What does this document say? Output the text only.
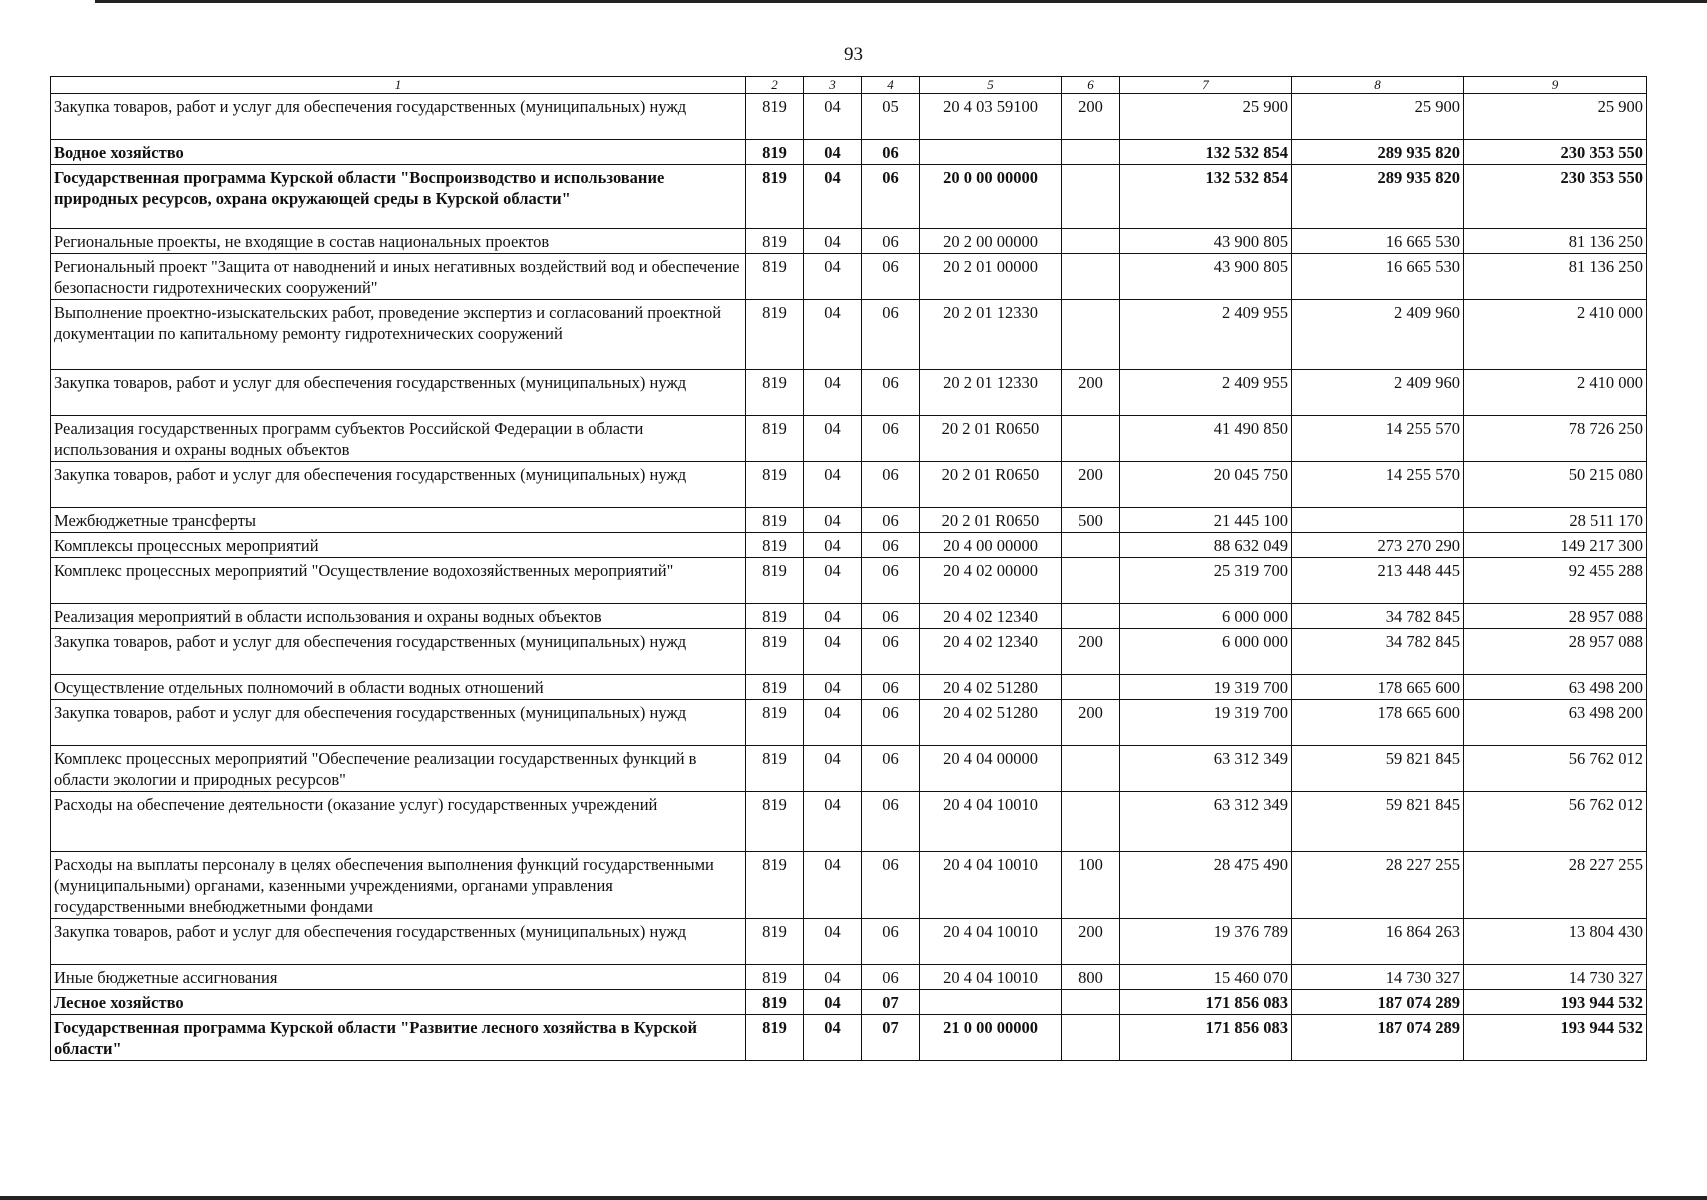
93
1	2	3	4	5	6	7	8	9
Закупка товаров, работ и услуг для обеспечения государственных (муниципальных) нужд	819	04	05	20 4 03 59100	200	25 900	25 900	25 900
Водное хозяйство	819	04	06			132 532 854	289 935 820	230 353 550
Государственная программа Курской области "Воспроизводство и использование природных ресурсов, охрана окружающей среды в Курской области"	819	04	06	20 0 00 00000		132 532 854	289 935 820	230 353 550
Региональные проекты, не входящие в состав национальных проектов	819	04	06	20 2 00 00000		43 900 805	16 665 530	81 136 250
Региональный проект "Защита от наводнений и иных негативных воздействий вод и обеспечение безопасности гидротехнических сооружений"	819	04	06	20 2 01 00000		43 900 805	16 665 530	81 136 250
Выполнение проектно-изыскательских работ, проведение экспертиз и согласований проектной документации по капитальному ремонту гидротехнических сооружений	819	04	06	20 2 01 12330		2 409 955	2 409 960	2 410 000
Закупка товаров, работ и услуг для обеспечения государственных (муниципальных) нужд	819	04	06	20 2 01 12330	200	2 409 955	2 409 960	2 410 000
Реализация государственных программ субъектов Российской Федерации в области использования и охраны водных объектов	819	04	06	20 2 01 R0650		41 490 850	14 255 570	78 726 250
Закупка товаров, работ и услуг для обеспечения государственных (муниципальных) нужд	819	04	06	20 2 01 R0650	200	20 045 750	14 255 570	50 215 080
Межбюджетные трансферты	819	04	06	20 2 01 R0650	500	21 445 100		28 511 170
Комплексы процессных мероприятий	819	04	06	20 4 00 00000		88 632 049	273 270 290	149 217 300
Комплекс процессных мероприятий "Осуществление водохозяйственных мероприятий"	819	04	06	20 4 02 00000		25 319 700	213 448 445	92 455 288
Реализация мероприятий в области использования и охраны водных объектов	819	04	06	20 4 02 12340		6 000 000	34 782 845	28 957 088
Закупка товаров, работ и услуг для обеспечения государственных (муниципальных) нужд	819	04	06	20 4 02 12340	200	6 000 000	34 782 845	28 957 088
Осуществление отдельных полномочий в области водных отношений	819	04	06	20 4 02 51280		19 319 700	178 665 600	63 498 200
Закупка товаров, работ и услуг для обеспечения государственных (муниципальных) нужд	819	04	06	20 4 02 51280	200	19 319 700	178 665 600	63 498 200
Комплекс процессных мероприятий "Обеспечение реализации государственных функций в области экологии и природных ресурсов"	819	04	06	20 4 04 00000		63 312 349	59 821 845	56 762 012
Расходы на обеспечение деятельности (оказание услуг) государственных учреждений	819	04	06	20 4 04 10010		63 312 349	59 821 845	56 762 012
Расходы на выплаты персоналу в целях обеспечения выполнения функций государственными (муниципальными) органами, казенными учреждениями, органами управления государственными внебюджетными фондами	819	04	06	20 4 04 10010	100	28 475 490	28 227 255	28 227 255
Закупка товаров, работ и услуг для обеспечения государственных (муниципальных) нужд	819	04	06	20 4 04 10010	200	19 376 789	16 864 263	13 804 430
Иные бюджетные ассигнования	819	04	06	20 4 04 10010	800	15 460 070	14 730 327	14 730 327
Лесное хозяйство	819	04	07			171 856 083	187 074 289	193 944 532
Государственная программа Курской области "Развитие лесного хозяйства в Курской области"	819	04	07	21 0 00 00000		171 856 083	187 074 289	193 944 532
